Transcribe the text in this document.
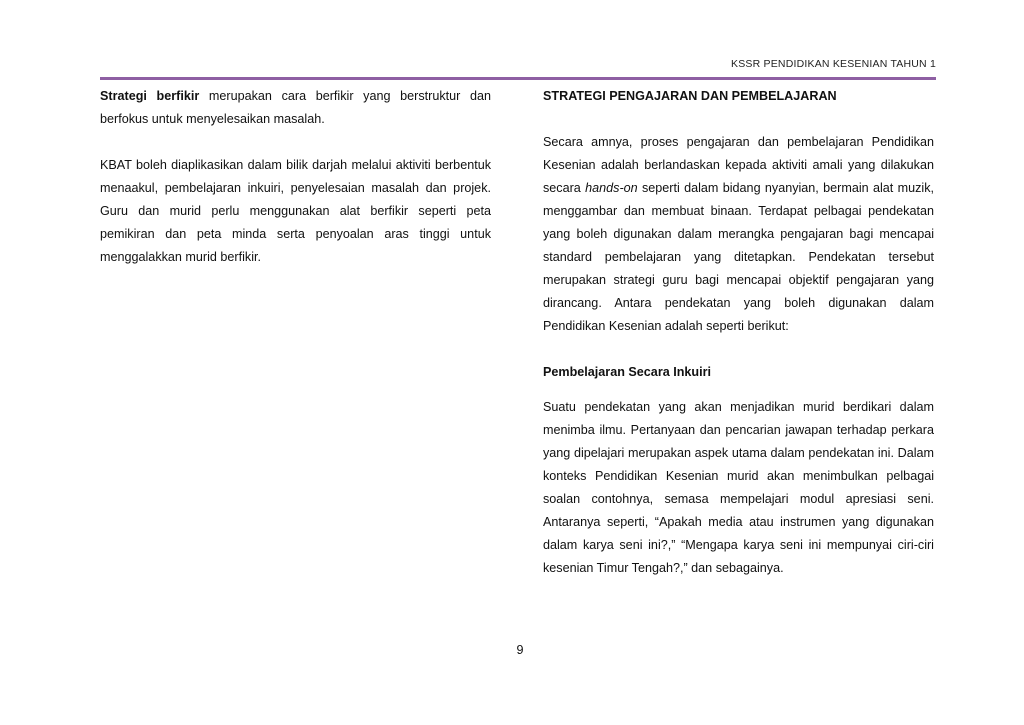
KSSR PENDIDIKAN KESENIAN TAHUN 1

Strategi berfikir merupakan cara berfikir yang berstruktur dan berfokus untuk menyelesaikan masalah.

KBAT boleh diaplikasikan dalam bilik darjah melalui aktiviti berbentuk menaakul, pembelajaran inkuiri, penyelesaian masalah dan projek. Guru dan murid perlu menggunakan alat berfikir seperti peta pemikiran dan peta minda serta penyoalan aras tinggi untuk menggalakkan murid berfikir.

STRATEGI PENGAJARAN DAN PEMBELAJARAN

Secara amnya, proses pengajaran dan pembelajaran Pendidikan Kesenian adalah berlandaskan kepada aktiviti amali yang dilakukan secara hands-on seperti dalam bidang nyanyian, bermain alat muzik, menggambar dan membuat binaan. Terdapat pelbagai pendekatan yang boleh digunakan dalam merangka pengajaran bagi mencapai standard pembelajaran yang ditetapkan. Pendekatan tersebut merupakan strategi guru bagi mencapai objektif pengajaran yang dirancang. Antara pendekatan yang boleh digunakan dalam Pendidikan Kesenian adalah seperti berikut:

Pembelajaran Secara Inkuiri

Suatu pendekatan yang akan menjadikan murid berdikari dalam menimba ilmu. Pertanyaan dan pencarian jawapan terhadap perkara yang dipelajari merupakan aspek utama dalam pendekatan ini. Dalam konteks Pendidikan Kesenian murid akan menimbulkan pelbagai soalan contohnya, semasa mempelajari modul apresiasi seni. Antaranya seperti, “Apakah media atau instrumen yang digunakan dalam karya seni ini?,” “Mengapa karya seni ini mempunyai ciri-ciri kesenian Timur Tengah?,” dan sebagainya.

9
